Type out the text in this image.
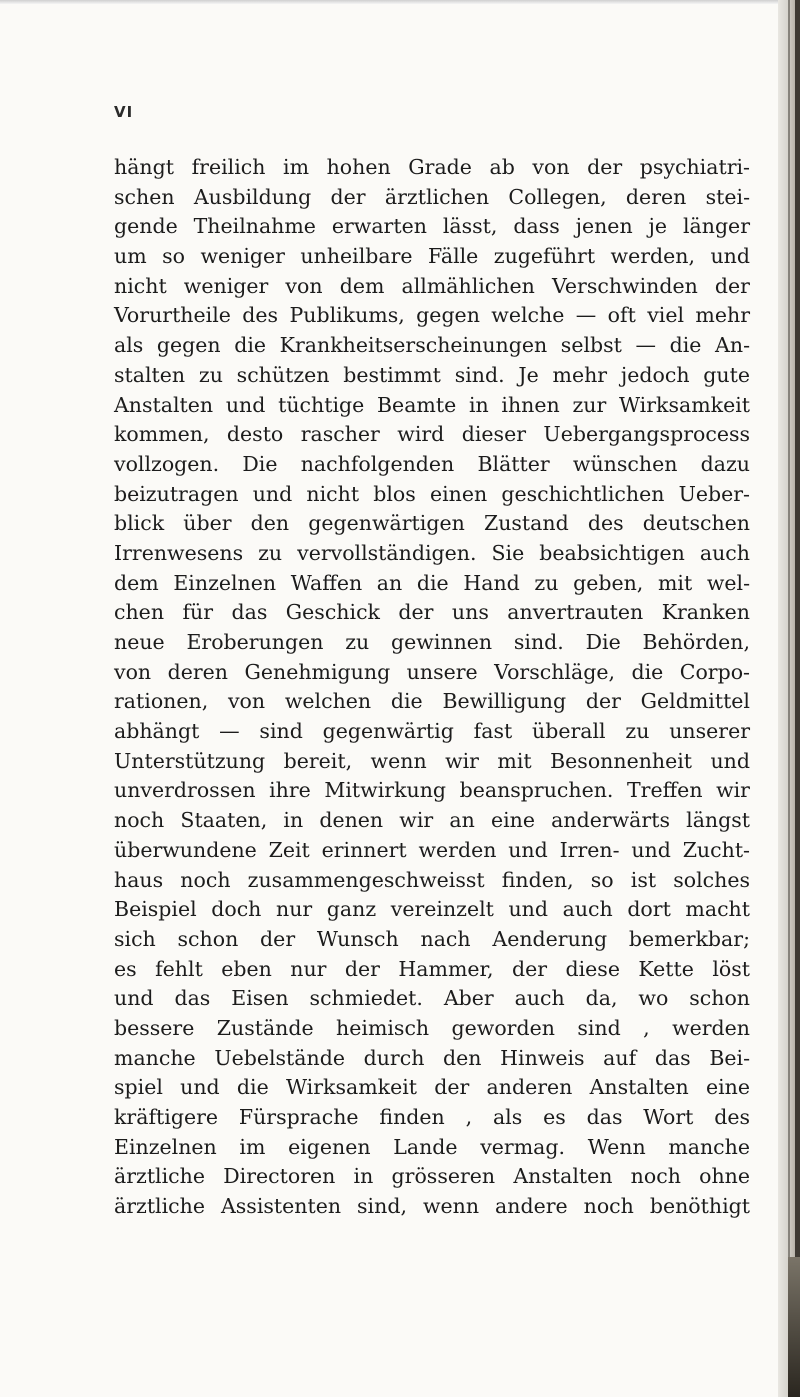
VI
hängt freilich im hohen Grade ab von der psychiatri-
schen Ausbildung der ärztlichen Collegen, deren stei-
gende Theilnahme erwarten lässt, dass jenen je länger
um so weniger unheilbare Fälle zugeführt werden, und
nicht weniger von dem allmählichen Verschwinden der
Vorurtheile des Publikums, gegen welche — oft viel mehr
als gegen die Krankheitserscheinungen selbst — die An-
stalten zu schützen bestimmt sind. Je mehr jedoch gute
Anstalten und tüchtige Beamte in ihnen zur Wirksamkeit
kommen, desto rascher wird dieser Uebergangsprocess
vollzogen. Die nachfolgenden Blätter wünschen dazu
beizutragen und nicht blos einen geschichtlichen Ueber-
blick über den gegenwärtigen Zustand des deutschen
Irrenwesens zu vervollständigen. Sie beabsichtigen auch
dem Einzelnen Waffen an die Hand zu geben, mit wel-
chen für das Geschick der uns anvertrauten Kranken
neue Eroberungen zu gewinnen sind. Die Behörden,
von deren Genehmigung unsere Vorschläge, die Corpo-
rationen, von welchen die Bewilligung der Geldmittel
abhängt — sind gegenwärtig fast überall zu unserer
Unterstützung bereit, wenn wir mit Besonnenheit und
unverdrossen ihre Mitwirkung beanspruchen. Treffen wir
noch Staaten, in denen wir an eine anderwärts längst
überwundene Zeit erinnert werden und Irren- und Zucht-
haus noch zusammengeschweisst finden, so ist solches
Beispiel doch nur ganz vereinzelt und auch dort macht
sich schon der Wunsch nach Aenderung bemerkbar;
es fehlt eben nur der Hammer, der diese Kette löst
und das Eisen schmiedet. Aber auch da, wo schon
bessere Zustände heimisch geworden sind , werden
manche Uebelstände durch den Hinweis auf das Bei-
spiel und die Wirksamkeit der anderen Anstalten eine
kräftigere Fürsprache finden , als es das Wort des
Einzelnen im eigenen Lande vermag. Wenn manche
ärztliche Directoren in grösseren Anstalten noch ohne
ärztliche Assistenten sind, wenn andere noch benöthigt
